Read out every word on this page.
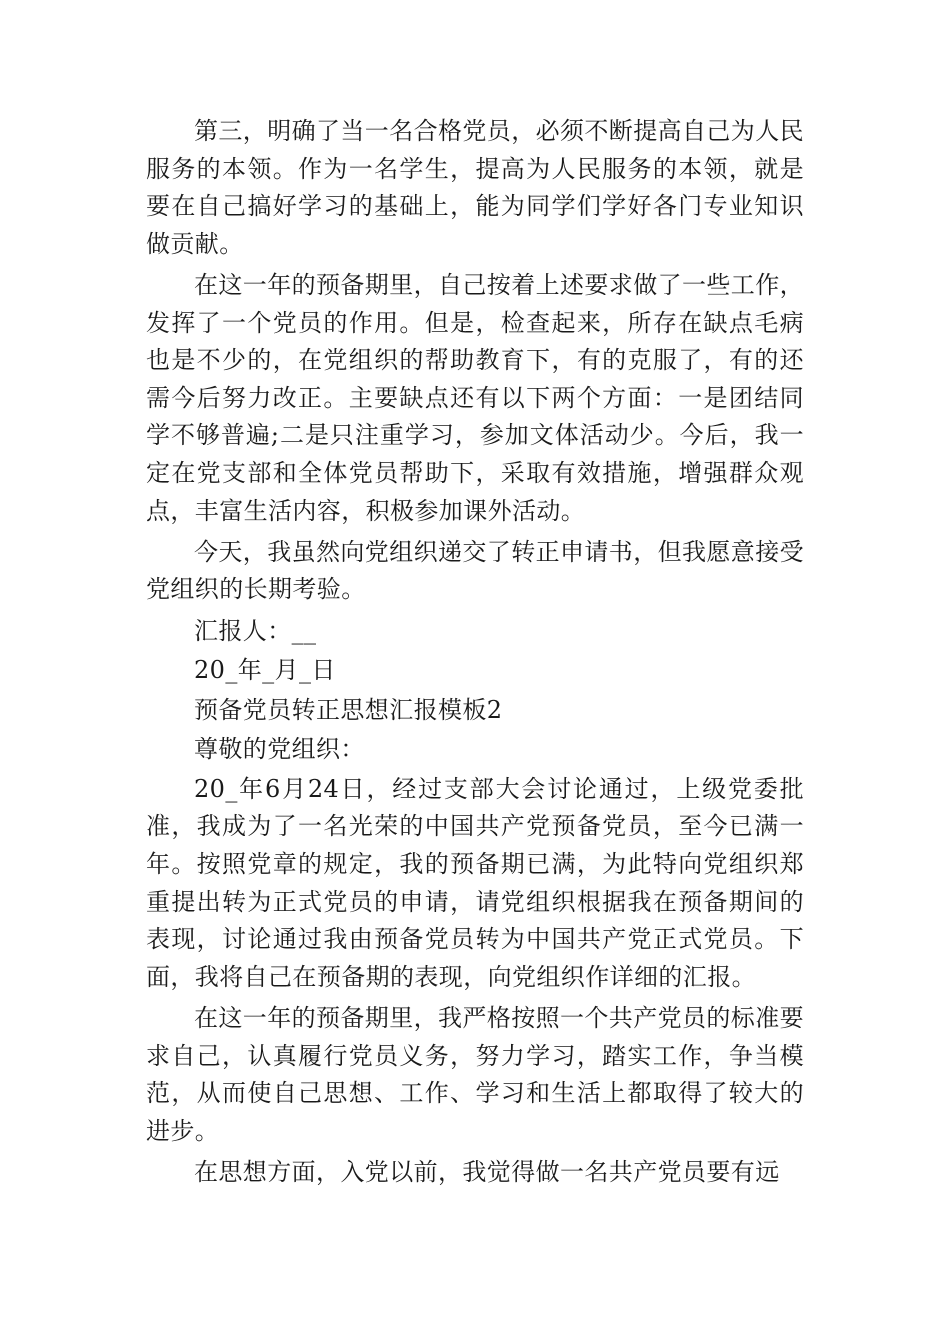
第三，明确了当一名合格党员，必须不断提高自己为人民服务的本领。作为一名学生，提高为人民服务的本领，就是要在自己搞好学习的基础上，能为同学们学好各门专业知识做贡献。

在这一年的预备期里，自己按着上述要求做了一些工作，发挥了一个党员的作用。但是，检查起来，所存在缺点毛病也是不少的，在党组织的帮助教育下，有的克服了，有的还需今后努力改正。主要缺点还有以下两个方面：一是团结同学不够普遍;二是只注重学习，参加文体活动少。今后，我一定在党支部和全体党员帮助下，采取有效措施，增强群众观点，丰富生活内容，积极参加课外活动。

今天，我虽然向党组织递交了转正申请书，但我愿意接受党组织的长期考验。

汇报人：__

20_年_月_日

预备党员转正思想汇报模板2

尊敬的党组织：

20_年6月24日，经过支部大会讨论通过，上级党委批准，我成为了一名光荣的中国共产党预备党员，至今已满一年。按照党章的规定，我的预备期已满，为此特向党组织郑重提出转为正式党员的申请，请党组织根据我在预备期间的表现，讨论通过我由预备党员转为中国共产党正式党员。下面，我将自己在预备期的表现，向党组织作详细的汇报。

在这一年的预备期里，我严格按照一个共产党员的标准要求自己，认真履行党员义务，努力学习，踏实工作，争当模范，从而使自己思想、工作、学习和生活上都取得了较大的进步。

在思想方面，入党以前，我觉得做一名共产党员要有远
